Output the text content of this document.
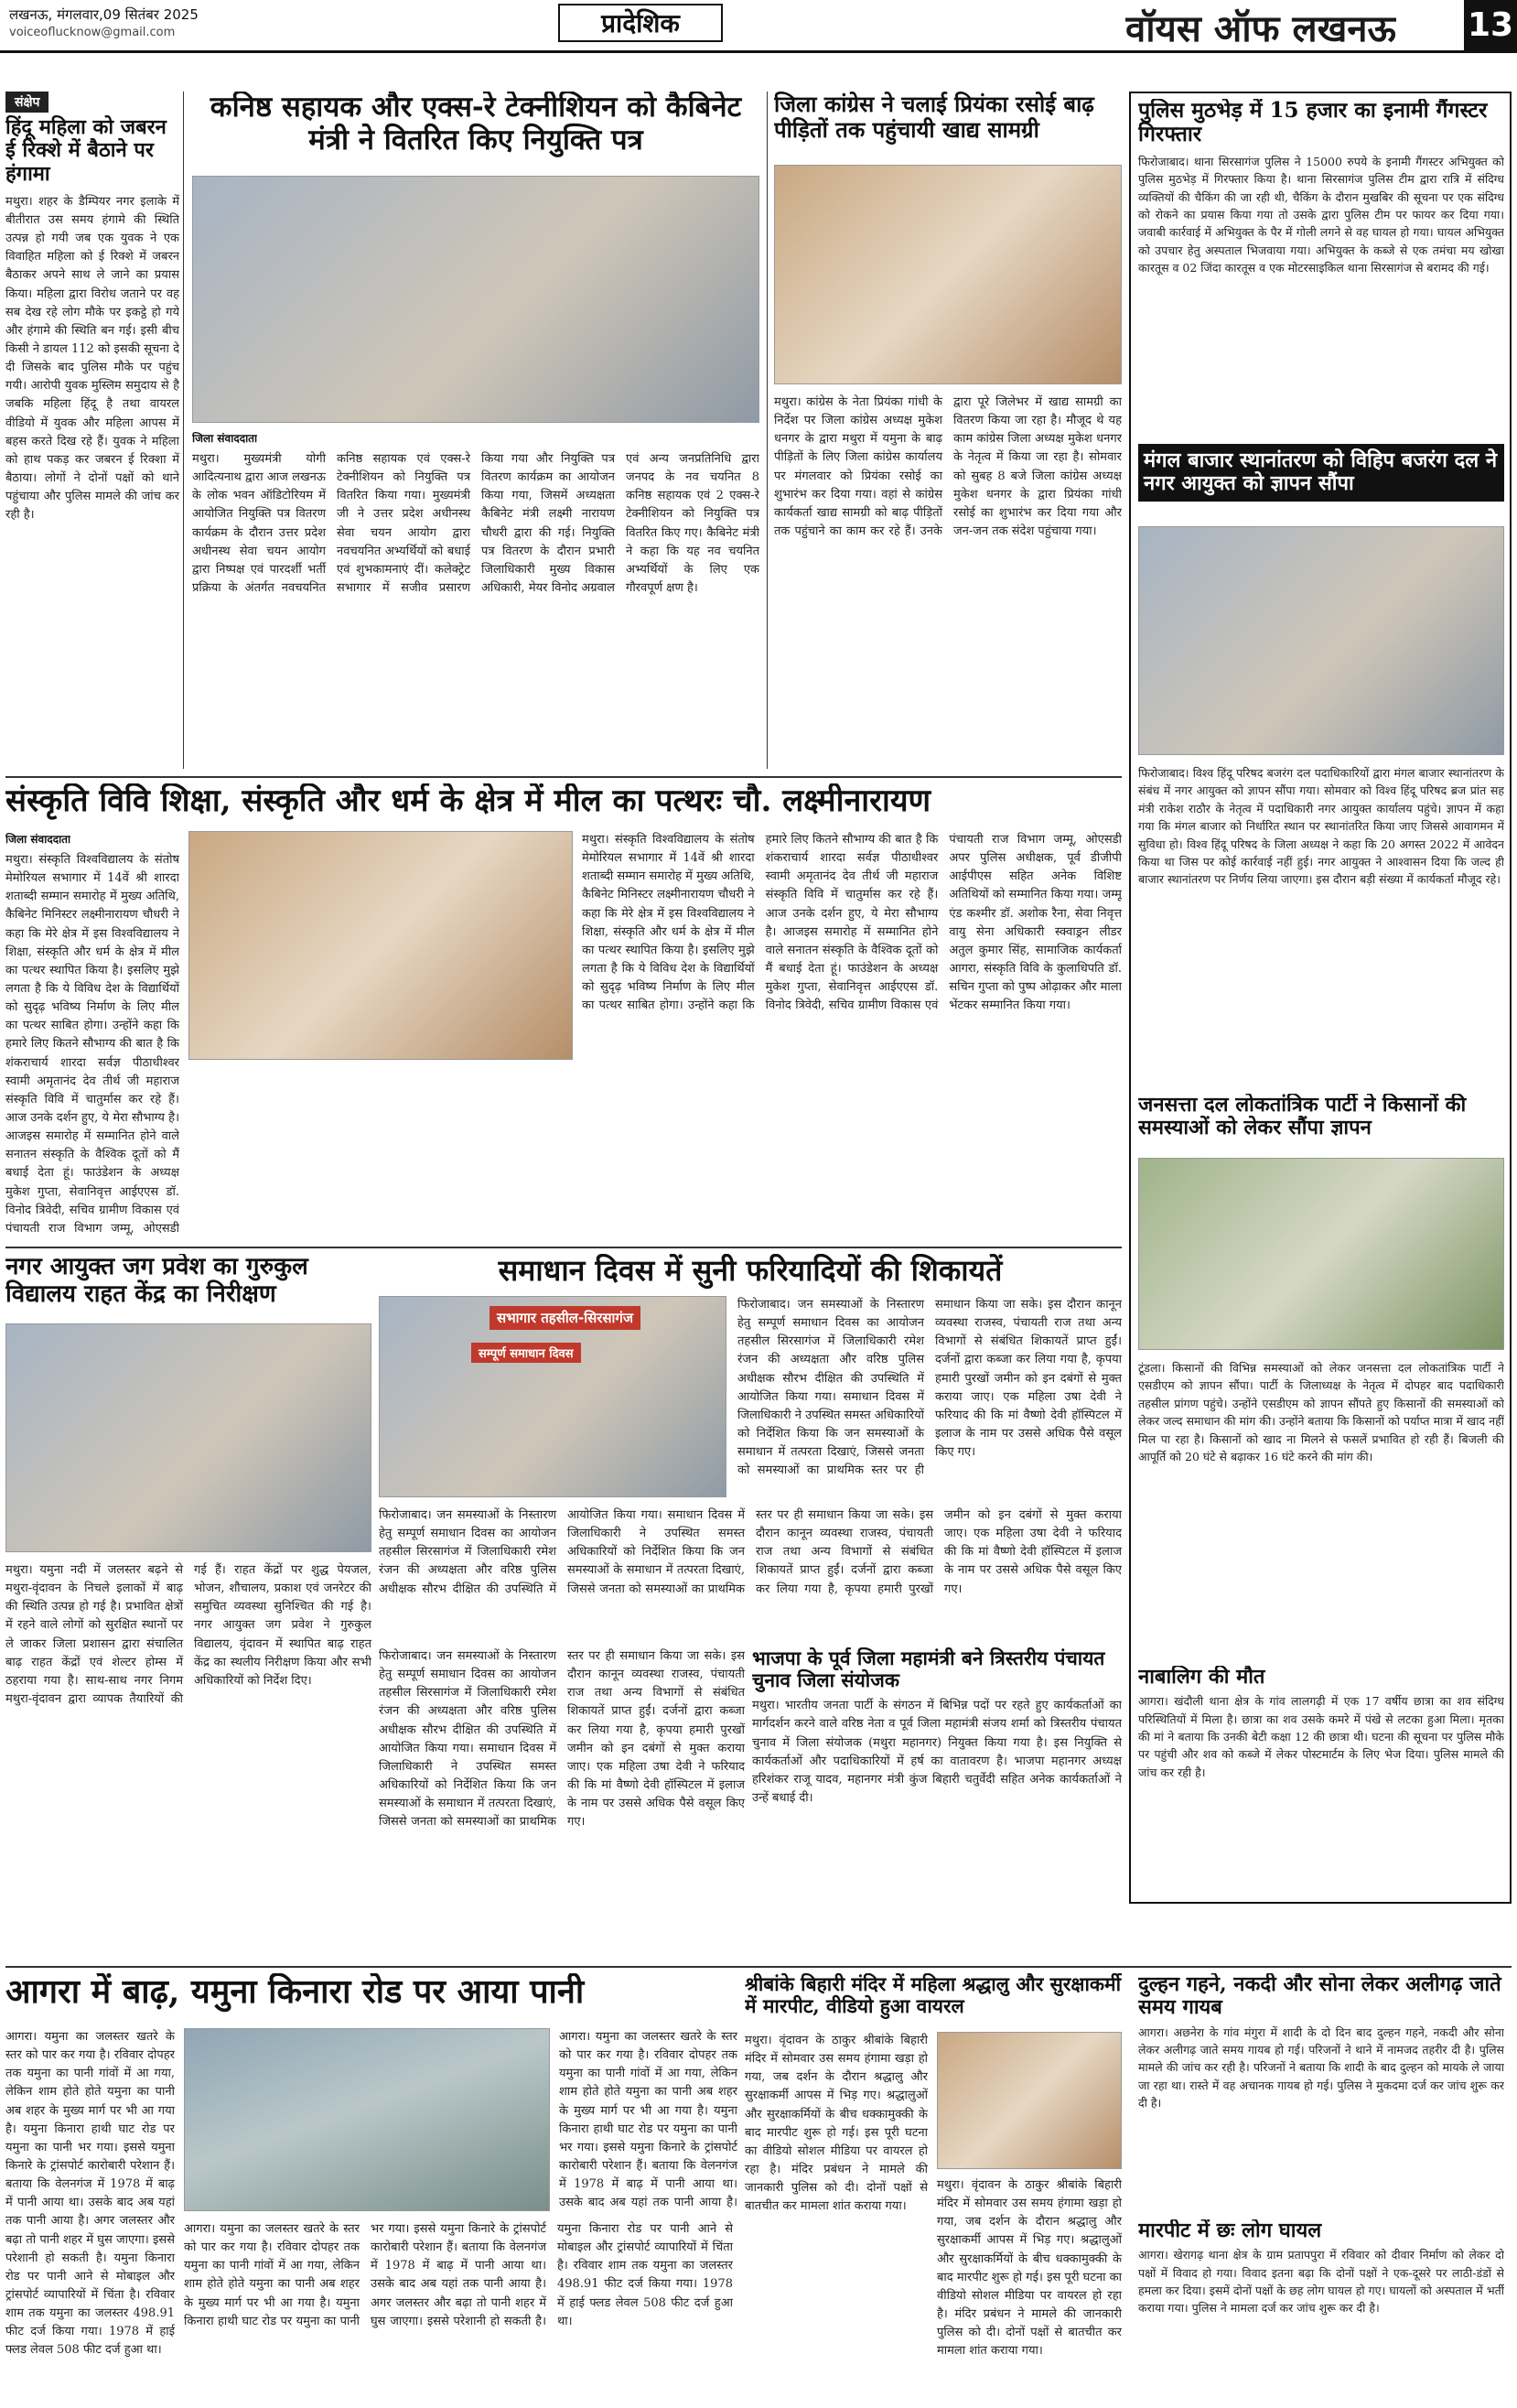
लखनऊ, मंगलवार,09 सितंबर 2025
voiceoflucknow@gmail.com	प्रादेशिक	वॉयस ऑफ लखनऊ 13
संक्षेप
हिंदू महिला को जबरन ई रिक्शे में बैठाने पर हंगामा
मथुरा। शहर के डैम्पियर नगर इलाके में बीतीरात उस समय हंगामे की स्थिति उत्पन्न हो गयी जब एक युवक ने एक विवाहित महिला को ई रिक्शे में जबरन बैठाकर अपने साथ ले जाने का प्रयास किया। महिला द्वारा विरोध जताने पर वह सब देख रहे लोग मौके पर इकट्ठे हो गये और हंगामे की स्थिति बन गई। इसी बीच किसी ने डायल 112 को इसकी सूचना दे दी जिसके बाद पुलिस मौके पर पहुंच गयी। आरोपी युवक मुस्लिम समुदाय से है जबकि महिला हिंदू है तथा वायरल वीडियो में युवक और महिला आपस में बहस करते दिख रहे हैं। युवक ने महिला को हाथ पकड़ कर जबरन ई रिक्शा में बैठाया। लोगों ने दोनों पक्षों को थाने पहुंचाया और पुलिस मामले की जांच कर रही है।
कनिष्ठ सहायक और एक्स-रे टेक्नीशियन को कैबिनेट मंत्री ने वितरित किए नियुक्ति पत्र
जिला संवाददाता
मथुरा। मुख्यमंत्री योगी आदित्यनाथ द्वारा आज लखनऊ के लोक भवन ऑडिटोरियम में आयोजित नियुक्ति पत्र वितरण कार्यक्रम के दौरान उत्तर प्रदेश अधीनस्थ सेवा चयन आयोग द्वारा निष्पक्ष एवं पारदर्शी भर्ती प्रक्रिया के अंतर्गत नवचयनित कनिष्ठ सहायक एवं एक्स-रे टेक्नीशियन को नियुक्ति पत्र वितरित किया गया। मुख्यमंत्री जी ने उत्तर प्रदेश अधीनस्थ सेवा चयन आयोग द्वारा नवचयनित अभ्यर्थियों को बधाई एवं शुभकामनाएं दीं। कलेक्ट्रेट सभागार में सजीव प्रसारण किया गया और नियुक्ति पत्र वितरण कार्यक्रम का आयोजन किया गया, जिसमें अध्यक्षता कैबिनेट मंत्री लक्ष्मी नारायण चौधरी द्वारा की गई। नियुक्ति पत्र वितरण के दौरान प्रभारी जिलाधिकारी मुख्य विकास अधिकारी, मेयर विनोद अग्रवाल एवं अन्य जनप्रतिनिधि द्वारा जनपद के नव चयनित 8 कनिष्ठ सहायक एवं 2 एक्स-रे टेक्नीशियन को नियुक्ति पत्र वितरित किए गए। कैबिनेट मंत्री ने कहा कि यह नव चयनित अभ्यर्थियों के लिए एक गौरवपूर्ण क्षण है।
जिला कांग्रेस ने चलाई प्रियंका रसोई बाढ़ पीड़ितों तक पहुंचायी खाद्य सामग्री
मथुरा। कांग्रेस के नेता प्रियंका गांधी के निर्देश पर जिला कांग्रेस अध्यक्ष मुकेश धनगर के द्वारा मथुरा में यमुना के बाढ़ पीड़ितों के लिए जिला कांग्रेस कार्यालय पर मंगलवार को प्रियंका रसोई का शुभारंभ कर दिया गया। वहां से कांग्रेस कार्यकर्ता खाद्य सामग्री को बाढ़ पीड़ितों तक पहुंचाने का काम कर रहे हैं। उनके द्वारा पूरे जिलेभर में खाद्य सामग्री का वितरण किया जा रहा है। मौजूद थे यह काम कांग्रेस जिला अध्यक्ष मुकेश धनगर के नेतृत्व में किया जा रहा है। सोमवार को सुबह 8 बजे जिला कांग्रेस अध्यक्ष मुकेश धनगर के द्वारा प्रियंका गांधी रसोई का शुभारंभ कर दिया गया और जन-जन तक संदेश पहुंचाया गया।
पुलिस मुठभेड़ में 15 हजार का इनामी गैंगस्टर गिरफ्तार
फिरोजाबाद। थाना सिरसागंज पुलिस ने 15000 रुपये के इनामी गैंगस्टर अभियुक्त को पुलिस मुठभेड़ में गिरफ्तार किया है। थाना सिरसागंज पुलिस टीम द्वारा रात्रि में संदिग्ध व्यक्तियों की चैकिंग की जा रही थी, चैकिंग के दौरान मुखबिर की सूचना पर एक संदिग्ध को रोकने का प्रयास किया गया तो उसके द्वारा पुलिस टीम पर फायर कर दिया गया। जवाबी कार्रवाई में अभियुक्त के पैर में गोली लगने से वह घायल हो गया। घायल अभियुक्त को उपचार हेतु अस्पताल भिजवाया गया। अभियुक्त के कब्जे से एक तमंचा मय खोखा कारतूस व 02 जिंदा कारतूस व एक मोटरसाइकिल थाना सिरसागंज से बरामद की गई।
मंगल बाजार स्थानांतरण को विहिप बजरंग दल ने नगर आयुक्त को ज्ञापन सौंपा
फिरोजाबाद। विश्व हिंदू परिषद बजरंग दल पदाधिकारियों द्वारा मंगल बाजार स्थानांतरण के संबंध में नगर आयुक्त को ज्ञापन सौंपा गया। सोमवार को विश्व हिंदू परिषद ब्रज प्रांत सह मंत्री राकेश राठौर के नेतृत्व में पदाधिकारी नगर आयुक्त कार्यालय पहुंचे। ज्ञापन में कहा गया कि मंगल बाजार को निर्धारित स्थान पर स्थानांतरित किया जाए जिससे आवागमन में सुविधा हो। विश्व हिंदू परिषद के जिला अध्यक्ष ने कहा कि 20 अगस्त 2022 में आवेदन किया था जिस पर कोई कार्रवाई नहीं हुई। नगर आयुक्त ने आश्वासन दिया कि जल्द ही बाजार स्थानांतरण पर निर्णय लिया जाएगा। इस दौरान बड़ी संख्या में कार्यकर्ता मौजूद रहे।
जनसत्ता दल लोकतांत्रिक पार्टी ने किसानों की समस्याओं को लेकर सौंपा ज्ञापन
टूंडला। किसानों की विभिन्न समस्याओं को लेकर जनसत्ता दल लोकतांत्रिक पार्टी ने एसडीएम को ज्ञापन सौंपा। पार्टी के जिलाध्यक्ष के नेतृत्व में दोपहर बाद पदाधिकारी तहसील प्रांगण पहुंचे। उन्होंने एसडीएम को ज्ञापन सौंपते हुए किसानों की समस्याओं को लेकर जल्द समाधान की मांग की। उन्होंने बताया कि किसानों को पर्याप्त मात्रा में खाद नहीं मिल पा रहा है। किसानों को खाद ना मिलने से फसलें प्रभावित हो रही हैं। बिजली की आपूर्ति को 20 घंटे से बढ़ाकर 16 घंटे करने की मांग की।
नाबालिग की मौत
आगरा। खंदौली थाना क्षेत्र के गांव लालगढ़ी में एक 17 वर्षीय छात्रा का शव संदिग्ध परिस्थितियों में मिला है। छात्रा का शव उसके कमरे में पंखे से लटका हुआ मिला। मृतका की मां ने बताया कि उनकी बेटी कक्षा 12 की छात्रा थी। घटना की सूचना पर पुलिस मौके पर पहुंची और शव को कब्जे में लेकर पोस्टमार्टम के लिए भेज दिया। पुलिस मामले की जांच कर रही है।
संस्कृति विवि शिक्षा, संस्कृति और धर्म के क्षेत्र में मील का पत्थरः चौ. लक्ष्मीनारायण
जिला संवाददाता
मथुरा। संस्कृति विश्वविद्यालय के संतोष मेमोरियल सभागार में 14वें श्री शारदा शताब्दी सम्मान समारोह में मुख्य अतिथि, कैबिनेट मिनिस्टर लक्ष्मीनारायण चौधरी ने कहा कि मेरे क्षेत्र में इस विश्वविद्यालय ने शिक्षा, संस्कृति और धर्म के क्षेत्र में मील का पत्थर स्थापित किया है। इसलिए मुझे लगता है कि ये विविध देश के विद्यार्थियों को सुदृढ़ भविष्य निर्माण के लिए मील का पत्थर साबित होगा। उन्होंने कहा कि हमारे लिए कितने सौभाग्य की बात है कि शंकराचार्य शारदा सर्वज्ञ पीठाधीश्वर स्वामी अमृतानंद देव तीर्थ जी महाराज संस्कृति विवि में चातुर्मास कर रहे हैं। आज उनके दर्शन हुए, ये मेरा सौभाग्य है। आजइस समारोह में सम्मानित होने वाले सनातन संस्कृति के वैश्विक दूतों को मैं बधाई देता हूं। फाउंडेशन के अध्यक्ष मुकेश गुप्ता, सेवानिवृत्त आईएएस डॉ. विनोद त्रिवेदी, सचिव ग्रामीण विकास एवं पंचायती राज विभाग जम्मू, ओएसडी
मथुरा। संस्कृति विश्वविद्यालय के संतोष मेमोरियल सभागार में 14वें श्री शारदा शताब्दी सम्मान समारोह में मुख्य अतिथि, कैबिनेट मिनिस्टर लक्ष्मीनारायण चौधरी ने कहा कि मेरे क्षेत्र में इस विश्वविद्यालय ने शिक्षा, संस्कृति और धर्म के क्षेत्र में मील का पत्थर स्थापित किया है। इसलिए मुझे लगता है कि ये विविध देश के विद्यार्थियों को सुदृढ़ भविष्य निर्माण के लिए मील का पत्थर साबित होगा। उन्होंने कहा कि हमारे लिए कितने सौभाग्य की बात है कि शंकराचार्य शारदा सर्वज्ञ पीठाधीश्वर स्वामी अमृतानंद देव तीर्थ जी महाराज संस्कृति विवि में चातुर्मास कर रहे हैं। आज उनके दर्शन हुए, ये मेरा सौभाग्य है। आजइस समारोह में सम्मानित होने वाले सनातन संस्कृति के वैश्विक दूतों को मैं बधाई देता हूं। फाउंडेशन के अध्यक्ष मुकेश गुप्ता, सेवानिवृत्त आईएएस डॉ. विनोद त्रिवेदी, सचिव ग्रामीण विकास एवं पंचायती राज विभाग जम्मू, ओएसडी अपर पुलिस अधीक्षक, पूर्व डीजीपी आईपीएस सहित अनेक विशिष्ट अतिथियों को सम्मानित किया गया। जम्मू एंड कश्मीर डॉ. अशोक रैना, सेवा निवृत्त वायु सेना अधिकारी स्क्वाड्रन लीडर अतुल कुमार सिंह, सामाजिक कार्यकर्ता आगरा, संस्कृति विवि के कुलाधिपति डॉ. सचिन गुप्ता को पुष्प ओढ़ाकर और माला भेंटकर सम्मानित किया गया।
नगर आयुक्त जग प्रवेश का गुरुकुल विद्यालय राहत केंद्र का निरीक्षण
मथुरा। यमुना नदी में जलस्तर बढ़ने से मथुरा-वृंदावन के निचले इलाकों में बाढ़ की स्थिति उत्पन्न हो गई है। प्रभावित क्षेत्रों में रहने वाले लोगों को सुरक्षित स्थानों पर ले जाकर जिला प्रशासन द्वारा संचालित बाढ़ राहत केंद्रों एवं शेल्टर होम्स में ठहराया गया है। साथ-साथ नगर निगम मथुरा-वृंदावन द्वारा व्यापक तैयारियों की गई हैं। राहत केंद्रों पर शुद्ध पेयजल, भोजन, शौचालय, प्रकाश एवं जनरेटर की समुचित व्यवस्था सुनिश्चित की गई है। नगर आयुक्त जग प्रवेश ने गुरुकुल विद्यालय, वृंदावन में स्थापित बाढ़ राहत केंद्र का स्थलीय निरीक्षण किया और सभी अधिकारियों को निर्देश दिए।
समाधान दिवस में सुनी फरियादियों की शिकायतें
सभागार तहसील-सिरसागंज
सम्पूर्ण समाधान दिवस
फिरोजाबाद। जन समस्याओं के निस्तारण हेतु सम्पूर्ण समाधान दिवस का आयोजन तहसील सिरसागंज में जिलाधिकारी रमेश रंजन की अध्यक्षता और वरिष्ठ पुलिस अधीक्षक सौरभ दीक्षित की उपस्थिति में आयोजित किया गया। समाधान दिवस में जिलाधिकारी ने उपस्थित समस्त अधिकारियों को निर्देशित किया कि जन समस्याओं के समाधान में तत्परता दिखाएं, जिससे जनता को समस्याओं का प्राथमिक स्तर पर ही समाधान किया जा सके। इस दौरान कानून व्यवस्था राजस्व, पंचायती राज तथा अन्य विभागों से संबंधित शिकायतें प्राप्त हुईं। दर्जनों द्वारा कब्जा कर लिया गया है, कृपया हमारी पुरखों जमीन को इन दबंगों से मुक्त कराया जाए। एक महिला उषा देवी ने फरियाद की कि मां वैष्णो देवी हॉस्पिटल में इलाज के नाम पर उससे अधिक पैसे वसूल किए गए।
फिरोजाबाद। जन समस्याओं के निस्तारण हेतु सम्पूर्ण समाधान दिवस का आयोजन तहसील सिरसागंज में जिलाधिकारी रमेश रंजन की अध्यक्षता और वरिष्ठ पुलिस अधीक्षक सौरभ दीक्षित की उपस्थिति में आयोजित किया गया। समाधान दिवस में जिलाधिकारी ने उपस्थित समस्त अधिकारियों को निर्देशित किया कि जन समस्याओं के समाधान में तत्परता दिखाएं, जिससे जनता को समस्याओं का प्राथमिक स्तर पर ही समाधान किया जा सके। इस दौरान कानून व्यवस्था राजस्व, पंचायती राज तथा अन्य विभागों से संबंधित शिकायतें प्राप्त हुईं। दर्जनों द्वारा कब्जा कर लिया गया है, कृपया हमारी पुरखों जमीन को इन दबंगों से मुक्त कराया जाए। एक महिला उषा देवी ने फरियाद की कि मां वैष्णो देवी हॉस्पिटल में इलाज के नाम पर उससे अधिक पैसे वसूल किए गए।
भाजपा के पूर्व जिला महामंत्री बने त्रिस्तरीय पंचायत चुनाव जिला संयोजक
मथुरा। भारतीय जनता पार्टी के संगठन में बिभिन्न पदों पर रहते हुए कार्यकर्ताओं का मार्गदर्शन करने वाले वरिष्ठ नेता व पूर्व जिला महामंत्री संजय शर्मा को त्रिस्तरीय पंचायत चुनाव में जिला संयोजक (मथुरा महानगर) नियुक्त किया गया है। इस नियुक्ति से कार्यकर्ताओं और पदाधिकारियों में हर्ष का वातावरण है। भाजपा महानगर अध्यक्ष हरिशंकर राजू यादव, महानगर मंत्री कुंज बिहारी चतुर्वेदी सहित अनेक कार्यकर्ताओं ने उन्हें बधाई दी।
फिरोजाबाद। जन समस्याओं के निस्तारण हेतु सम्पूर्ण समाधान दिवस का आयोजन तहसील सिरसागंज में जिलाधिकारी रमेश रंजन की अध्यक्षता और वरिष्ठ पुलिस अधीक्षक सौरभ दीक्षित की उपस्थिति में आयोजित किया गया। समाधान दिवस में जिलाधिकारी ने उपस्थित समस्त अधिकारियों को निर्देशित किया कि जन समस्याओं के समाधान में तत्परता दिखाएं, जिससे जनता को समस्याओं का प्राथमिक स्तर पर ही समाधान किया जा सके। इस दौरान कानून व्यवस्था राजस्व, पंचायती राज तथा अन्य विभागों से संबंधित शिकायतें प्राप्त हुईं। दर्जनों द्वारा कब्जा कर लिया गया है, कृपया हमारी पुरखों जमीन को इन दबंगों से मुक्त कराया जाए। एक महिला उषा देवी ने फरियाद की कि मां वैष्णो देवी हॉस्पिटल में इलाज के नाम पर उससे अधिक पैसे वसूल किए गए।
आगरा में बाढ़, यमुना किनारा रोड पर आया पानी
आगरा। यमुना का जलस्तर खतरे के स्तर को पार कर गया है। रविवार दोपहर तक यमुना का पानी गांवों में आ गया, लेकिन शाम होते होते यमुना का पानी अब शहर के मुख्य मार्ग पर भी आ गया है। यमुना किनारा हाथी घाट रोड पर यमुना का पानी भर गया। इससे यमुना किनारे के ट्रांसपोर्ट कारोबारी परेशान हैं। बताया कि वेलनगंज में 1978 में बाढ़ में पानी आया था। उसके बाद अब यहां तक पानी आया है। अगर जलस्तर और बढ़ा तो पानी शहर में घुस जाएगा। इससे परेशानी हो सकती है। यमुना किनारा रोड पर पानी आने से मोबाइल और ट्रांसपोर्ट व्यापारियों में चिंता है। रविवार शाम तक यमुना का जलस्तर 498.91 फीट दर्ज किया गया। 1978 में हाई फ्लड लेवल 508 फीट दर्ज हुआ था।
आगरा। यमुना का जलस्तर खतरे के स्तर को पार कर गया है। रविवार दोपहर तक यमुना का पानी गांवों में आ गया, लेकिन शाम होते होते यमुना का पानी अब शहर के मुख्य मार्ग पर भी आ गया है। यमुना किनारा हाथी घाट रोड पर यमुना का पानी भर गया। इससे यमुना किनारे के ट्रांसपोर्ट कारोबारी परेशान हैं। बताया कि वेलनगंज में 1978 में बाढ़ में पानी आया था। उसके बाद अब यहां तक पानी आया है। अगर जलस्तर और बढ़ा तो पानी शहर में घुस जाएगा। इससे परेशानी हो सकती है। यमुना किनारा रोड पर पानी आने से मोबाइल और ट्रांसपोर्ट व्यापारियों में चिंता है। रविवार शाम तक यमुना का जलस्तर 498.91 फीट दर्ज किया गया। 1978 में हाई फ्लड लेवल 508 फीट दर्ज हुआ था।
आगरा। यमुना का जलस्तर खतरे के स्तर को पार कर गया है। रविवार दोपहर तक यमुना का पानी गांवों में आ गया, लेकिन शाम होते होते यमुना का पानी अब शहर के मुख्य मार्ग पर भी आ गया है। यमुना किनारा हाथी घाट रोड पर यमुना का पानी भर गया। इससे यमुना किनारे के ट्रांसपोर्ट कारोबारी परेशान हैं। बताया कि वेलनगंज में 1978 में बाढ़ में पानी आया था। उसके बाद अब यहां तक पानी आया है।
श्रीबांके बिहारी मंदिर में महिला श्रद्धालु और सुरक्षाकर्मी में मारपीट, वीडियो हुआ वायरल
मथुरा। वृंदावन के ठाकुर श्रीबांके बिहारी मंदिर में सोमवार उस समय हंगामा खड़ा हो गया, जब दर्शन के दौरान श्रद्धालु और सुरक्षाकर्मी आपस में भिड़ गए। श्रद्धालुओं और सुरक्षाकर्मियों के बीच धक्कामुक्की के बाद मारपीट शुरू हो गई। इस पूरी घटना का वीडियो सोशल मीडिया पर वायरल हो रहा है। मंदिर प्रबंधन ने मामले की जानकारी पुलिस को दी। दोनों पक्षों से बातचीत कर मामला शांत कराया गया।
मथुरा। वृंदावन के ठाकुर श्रीबांके बिहारी मंदिर में सोमवार उस समय हंगामा खड़ा हो गया, जब दर्शन के दौरान श्रद्धालु और सुरक्षाकर्मी आपस में भिड़ गए। श्रद्धालुओं और सुरक्षाकर्मियों के बीच धक्कामुक्की के बाद मारपीट शुरू हो गई। इस पूरी घटना का वीडियो सोशल मीडिया पर वायरल हो रहा है। मंदिर प्रबंधन ने मामले की जानकारी पुलिस को दी। दोनों पक्षों से बातचीत कर मामला शांत कराया गया।
दुल्हन गहने, नकदी और सोना लेकर अलीगढ़ जाते समय गायब
आगरा। अछनेरा के गांव मंगुरा में शादी के दो दिन बाद दुल्हन गहने, नकदी और सोना लेकर अलीगढ़ जाते समय गायब हो गई। परिजनों ने थाने में नामजद तहरीर दी है। पुलिस मामले की जांच कर रही है। परिजनों ने बताया कि शादी के बाद दुल्हन को मायके ले जाया जा रहा था। रास्ते में वह अचानक गायब हो गई। पुलिस ने मुकदमा दर्ज कर जांच शुरू कर दी है।
मारपीट में छः लोग घायल
आगरा। खेरागढ़ थाना क्षेत्र के ग्राम प्रतापपुरा में रविवार को दीवार निर्माण को लेकर दो पक्षों में विवाद हो गया। विवाद इतना बढ़ा कि दोनों पक्षों ने एक-दूसरे पर लाठी-डंडों से हमला कर दिया। इसमें दोनों पक्षों के छह लोग घायल हो गए। घायलों को अस्पताल में भर्ती कराया गया। पुलिस ने मामला दर्ज कर जांच शुरू कर दी है।
